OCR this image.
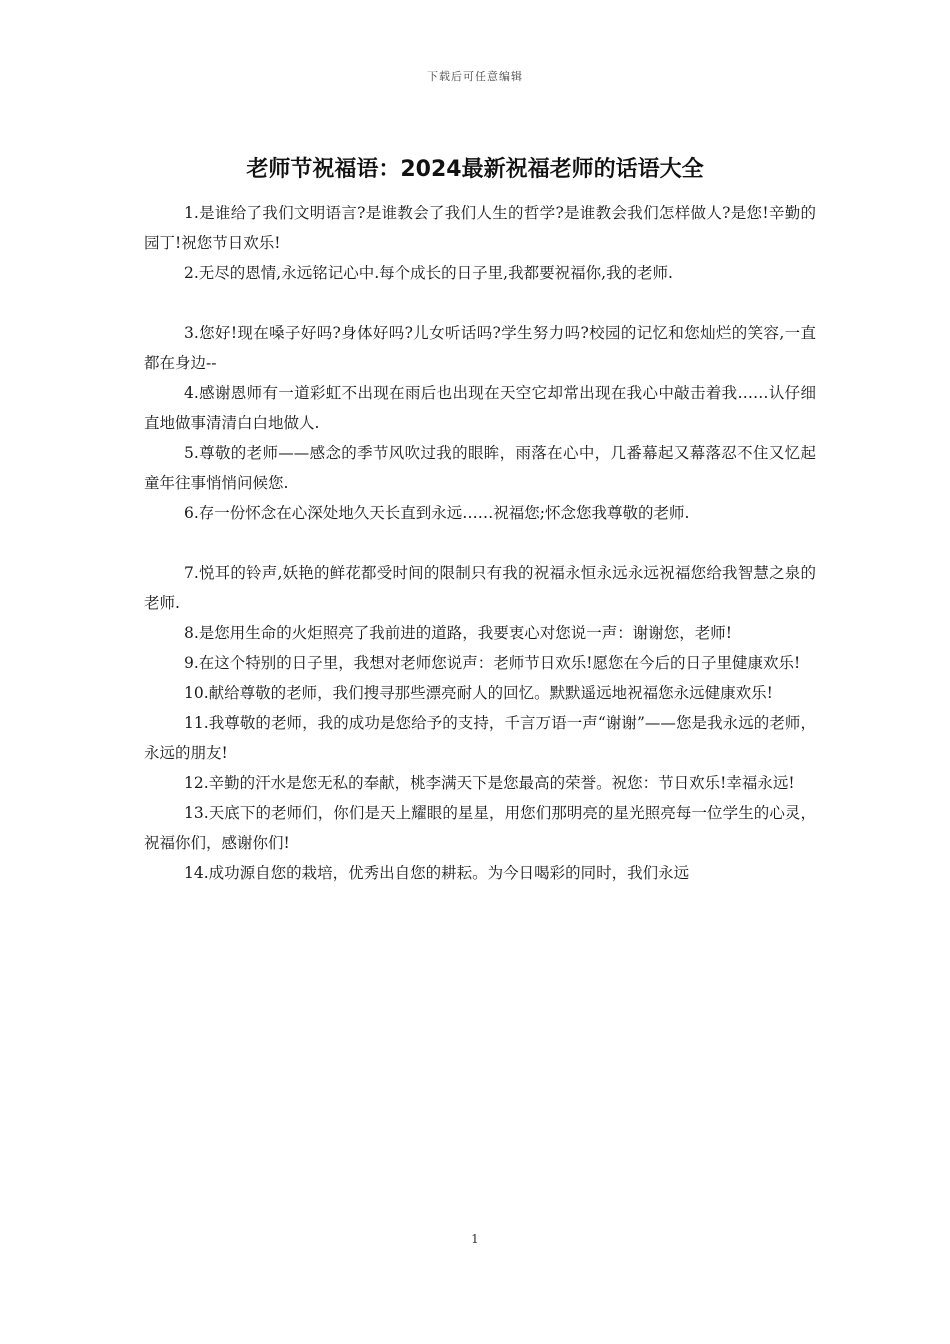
下载后可任意编辑
老师节祝福语：2024最新祝福老师的话语大全

1.是谁给了我们文明语言?是谁教会了我们人生的哲学?是谁教会我们怎样做人?是您!辛勤的园丁!祝您节日欢乐!

2.无尽的恩情,永远铭记心中.每个成长的日子里,我都要祝福你,我的老师.

3.您好!现在嗓子好吗?身体好吗?儿女听话吗?学生努力吗?校园的记忆和您灿烂的笑容,一直都在身边--

4.感谢恩师有一道彩虹不出现在雨后也出现在天空它却常出现在我心中敲击着我……认仔细直地做事清清白白地做人.

5.尊敬的老师——感念的季节风吹过我的眼眸，雨落在心中，几番幕起又幕落忍不住又忆起童年往事悄悄问候您.

6.存一份怀念在心深处地久天长直到永远……祝福您;怀念您我尊敬的老师.

7.悦耳的铃声,妖艳的鲜花都受时间的限制只有我的祝福永恒永远永远祝福您给我智慧之泉的老师.

8.是您用生命的火炬照亮了我前进的道路，我要衷心对您说一声：谢谢您，老师!

9.在这个特别的日子里，我想对老师您说声：老师节日欢乐!愿您在今后的日子里健康欢乐!

10.献给尊敬的老师，我们搜寻那些漂亮耐人的回忆。默默遥远地祝福您永远健康欢乐!

11.我尊敬的老师，我的成功是您给予的支持，千言万语一声“谢谢”——您是我永远的老师，永远的朋友!

12.辛勤的汗水是您无私的奉献，桃李满天下是您最高的荣誉。祝您：节日欢乐!幸福永远!

13.天底下的老师们，你们是天上耀眼的星星，用您们那明亮的星光照亮每一位学生的心灵，祝福你们，感谢你们!

14.成功源自您的栽培，优秀出自您的耕耘。为今日喝彩的同时，我们永远

1
